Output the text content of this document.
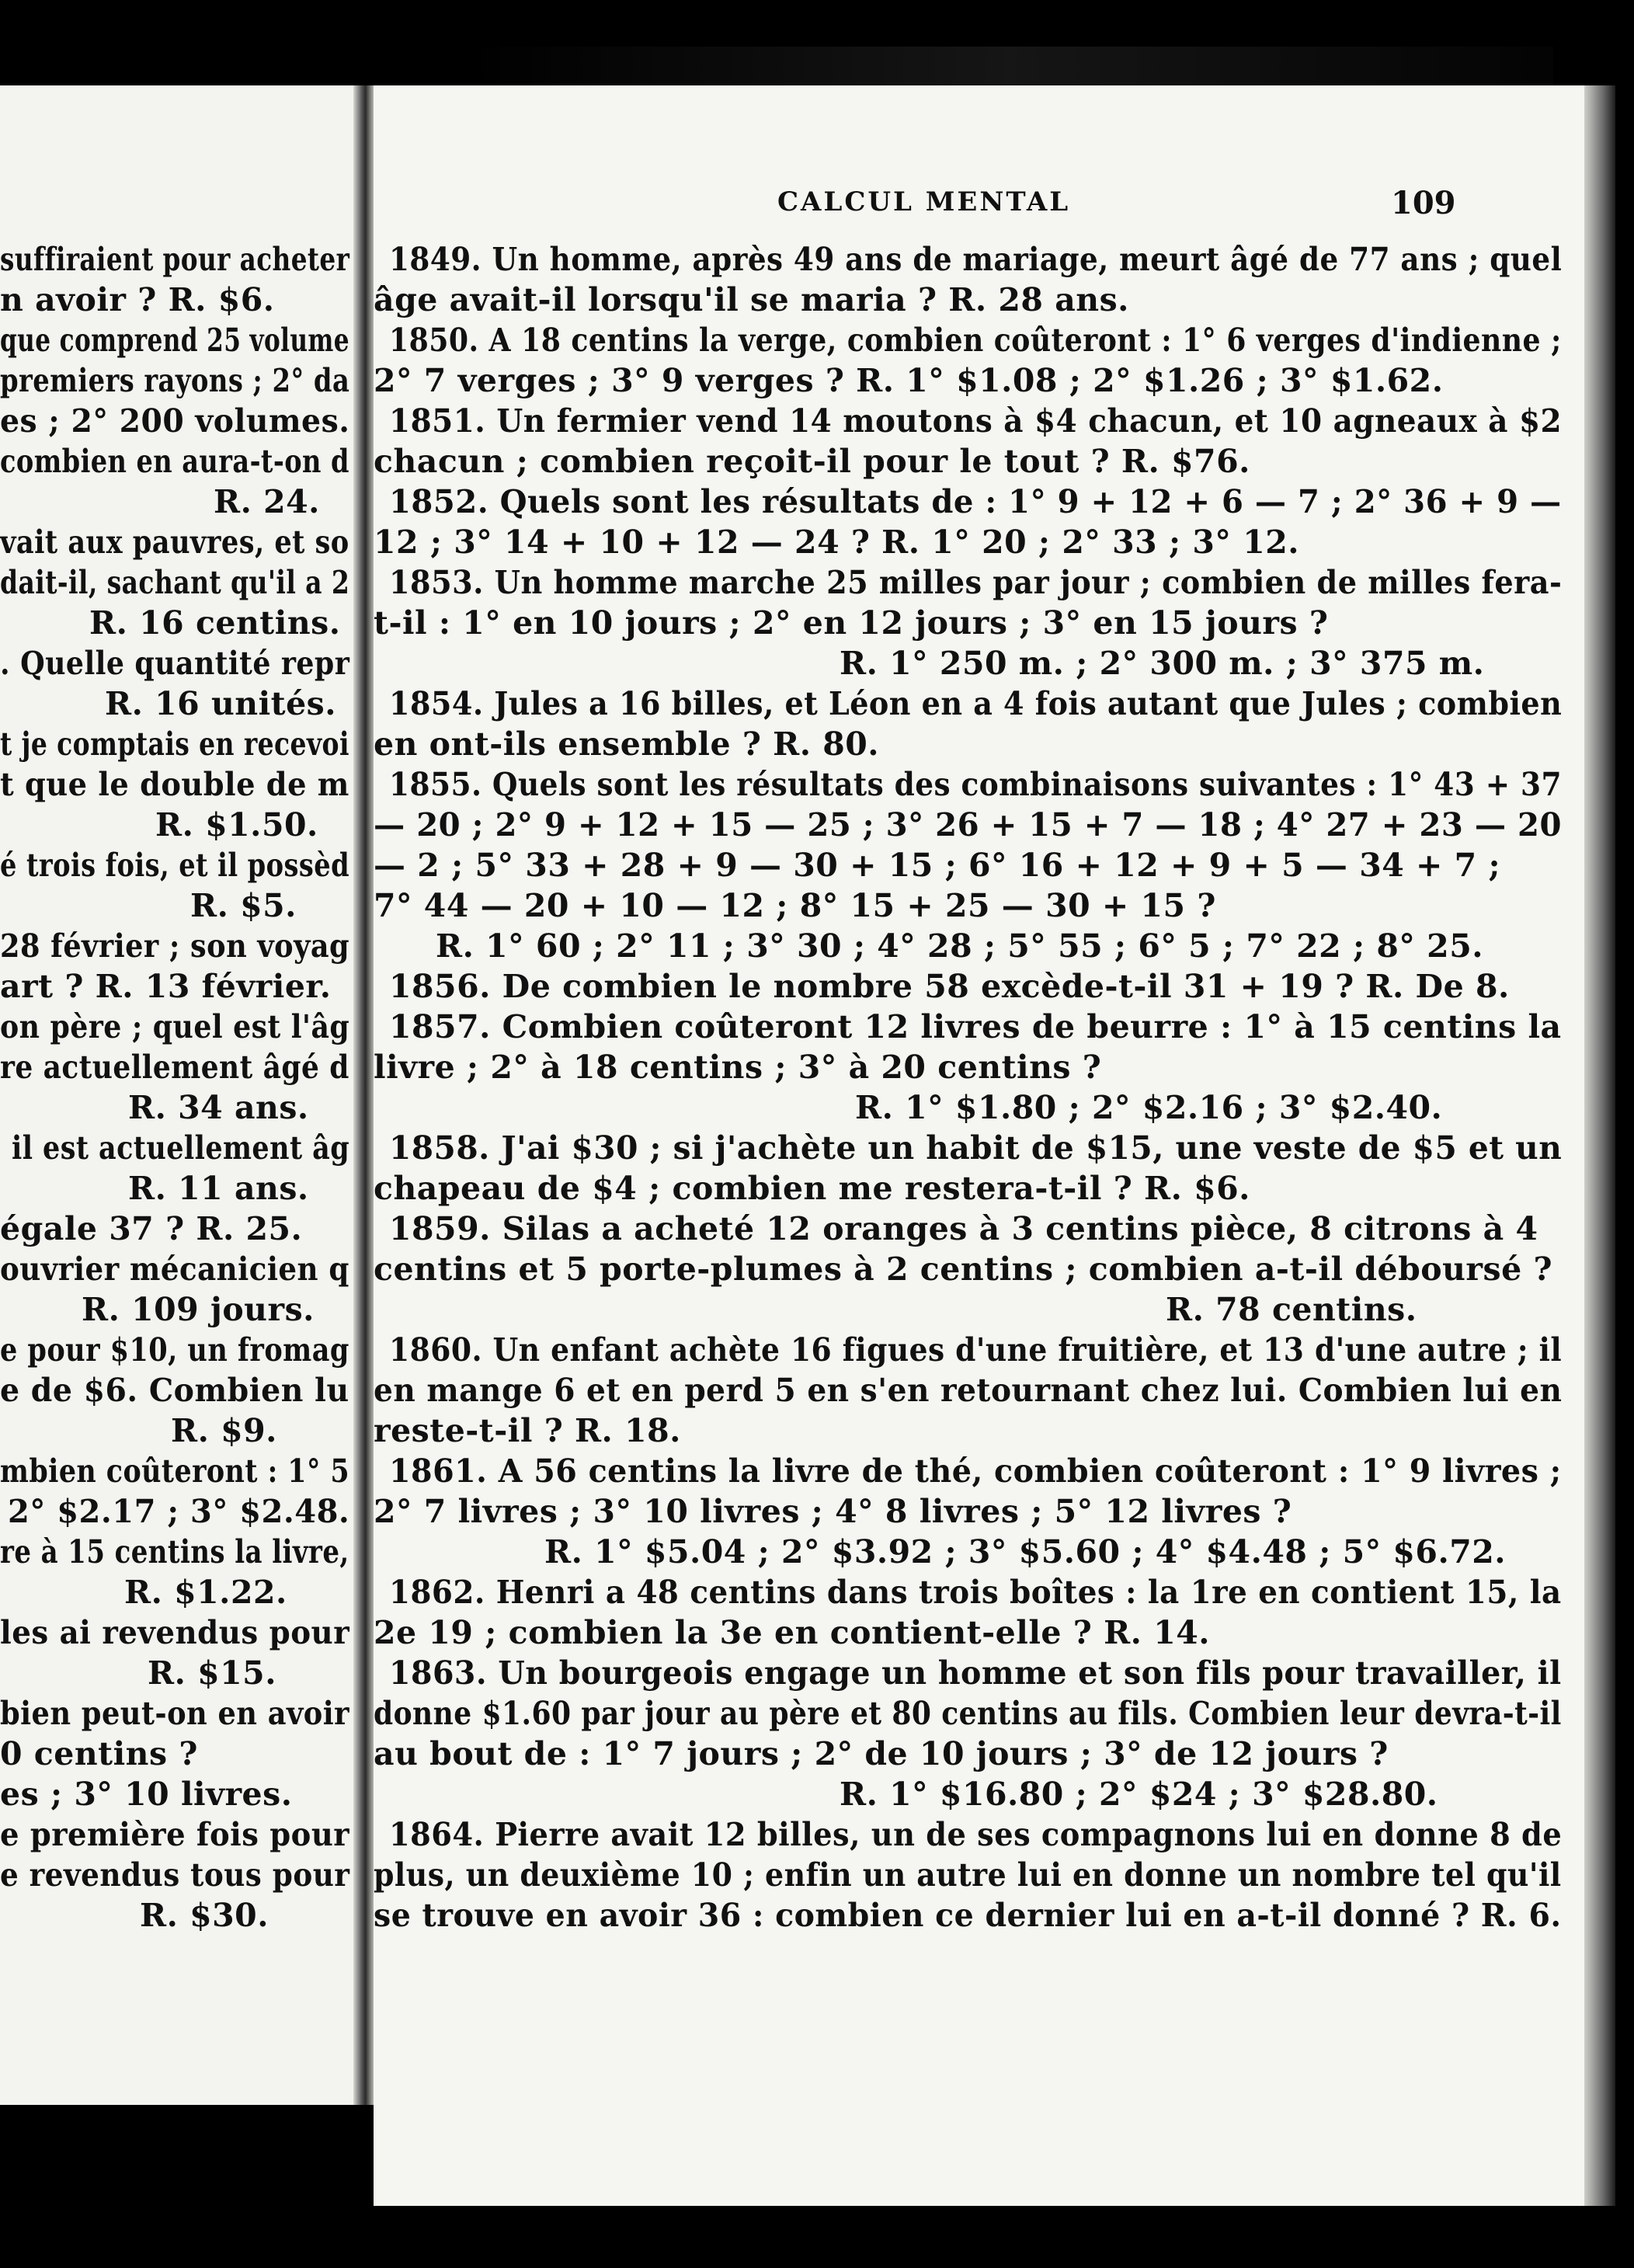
suffiraient pour acheter
n avoir ? R. $6.
que comprend 25 volume
premiers rayons ; 2° da
es ; 2° 200 volumes.
combien en aura-t-on d
R. 24.
vait aux pauvres, et so
dait-il, sachant qu'il a 2
R. 16 centins.
. Quelle quantité repr
R. 16 unités.
t je comptais en recevoi
t que le double de m
R. $1.50.
é trois fois, et il possèd
R. $5.
28 février ; son voyag
art ? R. 13 février.
on père ; quel est l'âg
re actuellement âgé d
R. 34 ans.
il est actuellement âg
R. 11 ans.
égale 37 ? R. 25.
ouvrier mécanicien q
R. 109 jours.
e pour $10, un fromag
e de $6. Combien lu
R. $9.
mbien coûteront : 1° 5
2° $2.17 ; 3° $2.48.
re à 15 centins la livre,
R. $1.22.
les ai revendus pour
R. $15.
bien peut-on en avoir
0 centins ?
es ; 3° 10 livres.
e première fois pour
e revendus tous pour
R. $30.
CALCUL MENTAL	109
1849. Un homme, après 49 ans de mariage, meurt âgé de 77 ans ; quel
âge avait-il lorsqu'il se maria ? R. 28 ans.
1850. A 18 centins la verge, combien coûteront : 1° 6 verges d'indienne ;
2° 7 verges ; 3° 9 verges ? R. 1° $1.08 ; 2° $1.26 ; 3° $1.62.
1851. Un fermier vend 14 moutons à $4 chacun, et 10 agneaux à $2
chacun ; combien reçoit-il pour le tout ? R. $76.
1852. Quels sont les résultats de : 1° 9 + 12 + 6 — 7 ; 2° 36 + 9 —
12 ; 3° 14 + 10 + 12 — 24 ? R. 1° 20 ; 2° 33 ; 3° 12.
1853. Un homme marche 25 milles par jour ; combien de milles fera-
t-il : 1° en 10 jours ; 2° en 12 jours ; 3° en 15 jours ?
R. 1° 250 m. ; 2° 300 m. ; 3° 375 m.
1854. Jules a 16 billes, et Léon en a 4 fois autant que Jules ; combien
en ont-ils ensemble ? R. 80.
1855. Quels sont les résultats des combinaisons suivantes : 1° 43 + 37
— 20 ; 2° 9 + 12 + 15 — 25 ; 3° 26 + 15 + 7 — 18 ; 4° 27 + 23 — 20
— 2 ; 5° 33 + 28 + 9 — 30 + 15 ; 6° 16 + 12 + 9 + 5 — 34 + 7 ;
7° 44 — 20 + 10 — 12 ; 8° 15 + 25 — 30 + 15 ?
R. 1° 60 ; 2° 11 ; 3° 30 ; 4° 28 ; 5° 55 ; 6° 5 ; 7° 22 ; 8° 25.
1856. De combien le nombre 58 excède-t-il 31 + 19 ? R. De 8.
1857. Combien coûteront 12 livres de beurre : 1° à 15 centins la
livre ; 2° à 18 centins ; 3° à 20 centins ?
R. 1° $1.80 ; 2° $2.16 ; 3° $2.40.
1858. J'ai $30 ; si j'achète un habit de $15, une veste de $5 et un
chapeau de $4 ; combien me restera-t-il ? R. $6.
1859. Silas a acheté 12 oranges à 3 centins pièce, 8 citrons à 4
centins et 5 porte-plumes à 2 centins ; combien a-t-il déboursé ?
R. 78 centins.
1860. Un enfant achète 16 figues d'une fruitière, et 13 d'une autre ; il
en mange 6 et en perd 5 en s'en retournant chez lui. Combien lui en
reste-t-il ? R. 18.
1861. A 56 centins la livre de thé, combien coûteront : 1° 9 livres ;
2° 7 livres ; 3° 10 livres ; 4° 8 livres ; 5° 12 livres ?
R. 1° $5.04 ; 2° $3.92 ; 3° $5.60 ; 4° $4.48 ; 5° $6.72.
1862. Henri a 48 centins dans trois boîtes : la 1re en contient 15, la
2e 19 ; combien la 3e en contient-elle ? R. 14.
1863. Un bourgeois engage un homme et son fils pour travailler, il
donne $1.60 par jour au père et 80 centins au fils. Combien leur devra-t-il
au bout de : 1° 7 jours ; 2° de 10 jours ; 3° de 12 jours ?
R. 1° $16.80 ; 2° $24 ; 3° $28.80.
1864. Pierre avait 12 billes, un de ses compagnons lui en donne 8 de
plus, un deuxième 10 ; enfin un autre lui en donne un nombre tel qu'il
se trouve en avoir 36 : combien ce dernier lui en a-t-il donné ? R. 6.
